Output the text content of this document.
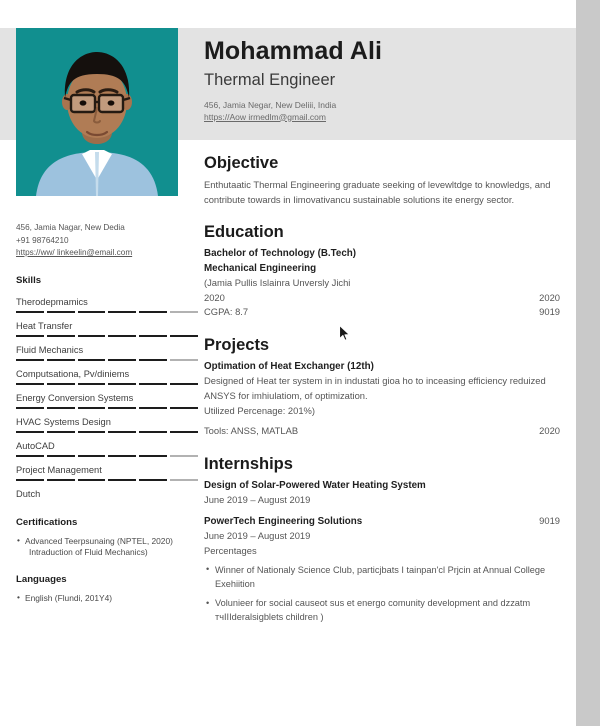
Mohammad Ali
Thermal Engineer
456, Jamia Negar, New Deliii, India
https://Aow irmedlm@gmail.com
456, Jamia Nagar, New Dedia
+91 98764210
https://ww/ linkeelin@email.com
Skills
Therodepmamics
Heat Transfer
Fluid Mechanics
Computsationa, Pv/diniems
Energy Conversion Systems
HVAC Systems Design
AutoCAD
Project Management
Dutch
Certifications
• Advanced Teerpsunaing (NPTEL, 2020)
Intraduction of Fluid Mechanics)
Languages
• English (Flundi, 201Y4)
Objective
Enthutaatic Thermal Engineering graduate seeking of levewltdge to knowledgs, and contribute towards in Iimovativancu sustainable solutions ite energy sector.
Education
Bachelor of Technology (B.Tech)
Mechanical Engineering
(Jamia Pullis Islainra Unversly Jichi
2020	2020
CGPA: 8.7	9019
Projects
Optimation of Heat Exchanger (12th)
Designed of Heat ter system in in industati gioa ho to inceasing efficiency reduized ANSYS for imhiulatiom, of optimization.
Utilized Percenage: 201%)
Tools: ANSS, MATLAB	2020
Internships
Design of Solar-Powered Water Heating System
June 2019 – August 2019
PowerTech Engineering Solutions	9019
June 2019 – August 2019
Percentages
• Winner of Nationaly Science Club, particjbats I tainpan'cl Prjcin at Annual College Exehiition
• Volunieer for social causeot sus et energo comunity development and dzzatm тчІІІderalsigblets children )
